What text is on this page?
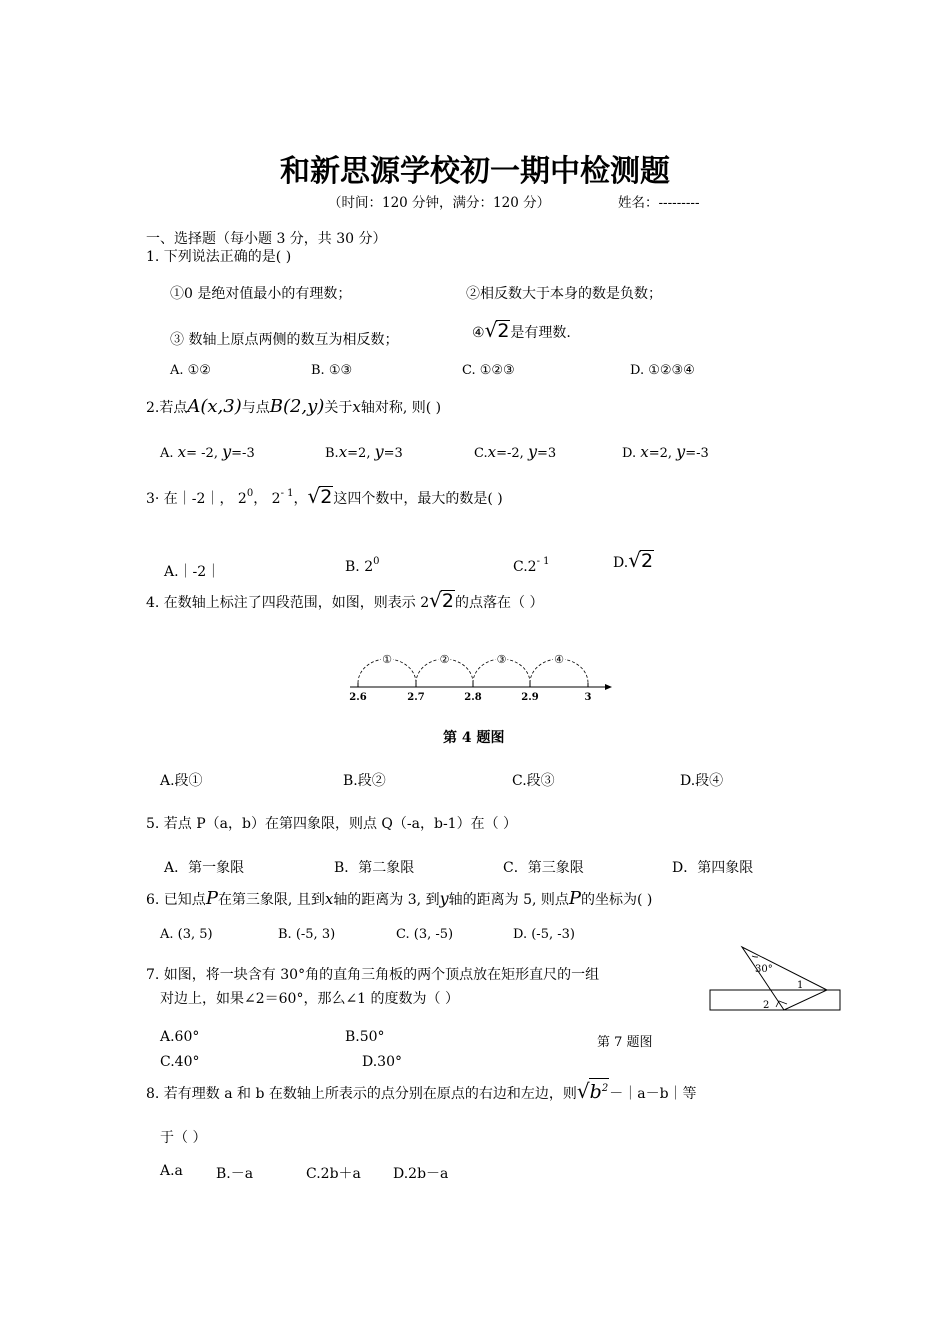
和新思源学校初一期中检测题
（时间：120 分钟，满分：120 分）	姓名：---------
一、选择题（每小题 3 分，共 30 分）
1. 下列说法正确的是( )
①0 是绝对值最小的有理数；	②相反数大于本身的数是负数；
③ 数轴上原点两侧的数互为相反数；	④√2是有理数.
A. ①②	B. ①③	C. ①②③	D. ①②③④
2.若点A(x,3)与点B(2,y)关于x轴对称, 则( )
A. x= -2, y=-3	B.x=2, y=3	C.x=-2, y=3	D. x=2, y=-3
3· 在｜-2｜， $2^0$， $2^{- 1}$，√2这四个数中，最大的数是( )
A.｜-2｜	B. $2^0$	$C.2^{- 1}$	D.√2
4. 在数轴上标注了四段范围，如图，则表示 2√2的点落在（ ）
2.6	2.7	2.8	2.9	3
①	②	③	④
第 4 题图
A.段①	B.段②	C.段③	D.段④
5. 若点 P（a，b）在第四象限，则点 Q（-a，b-1）在（ ）
A．第一象限	B．第二象限	C．第三象限	D．第四象限
6. 已知点P在第三象限, 且到x轴的距离为 3, 到y轴的距离为 5, 则点P的坐标为( )
A. (3, 5)	B. (-5, 3)	C. (3, -5)	D. (-5, -3)
7. 如图，将一块含有 30°角的直角三角板的两个顶点放在矩形直尺的一组
对边上，如果∠2＝60°，那么∠1 的度数为（ ）
30°
1
2
A.60°	B.50°	第 7 题图
C.40°	D.30°
8. 若有理数 a 和 b 在数轴上所表示的点分别在原点的右边和左边，则$√b^2-|a-b|$等
于（ ）
A.a B.－a	C.2b＋a D.2b－a
